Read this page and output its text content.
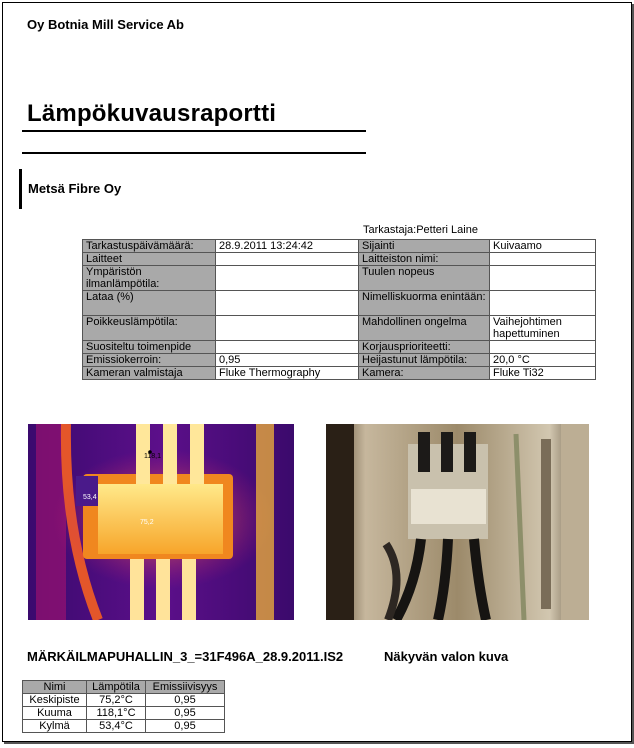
Oy Botnia Mill Service Ab
Lämpökuvausraportti
Metsä Fibre Oy
Tarkastaja:Petteri Laine
Tarkastuspäivämäärä:	28.9.2011 13:24:42	Sijainti	Kuivaamo
Laitteet		Laitteiston nimi:	
Ympäristön ilmanlämpötila:		Tuulen nopeus	
Lataa (%)		Nimelliskuorma enintään:	
Poikkeuslämpötila:		Mahdollinen ongelma	Vaihejohtimen hapettuminen
Suositeltu toimenpide		Korjausprioriteetti:	
Emissiokerroin:	0,95	Heijastunut lämpötila:	20,0 °C
Kameran valmistaja	Fluke Thermography	Kamera:	Fluke Ti32
118,1
53,4
75,2
MÄRKÄILMAPUHALLIN_3_=31F496A_28.9.2011.IS2	Näkyvän valon kuva
Nimi	Lämpötila	Emissiivisyys
Keskipiste	75,2°C	0,95
Kuuma	118,1°C	0,95
Kylmä	53,4°C	0,95
